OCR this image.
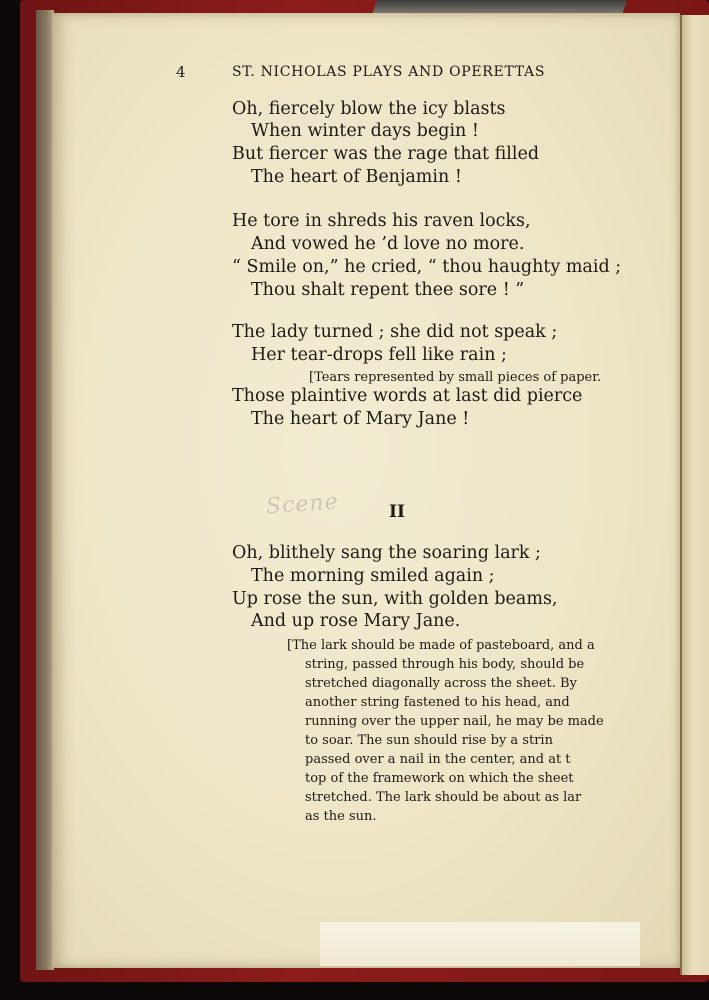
4	ST. NICHOLAS PLAYS AND OPERETTAS
Oh, fiercely blow the icy blasts
When winter days begin !
But fiercer was the rage that filled
The heart of Benjamin !
He tore in shreds his raven locks,
And vowed he ’d love no more.
“ Smile on,” he cried, “ thou haughty maid ;
Thou shalt repent thee sore ! ”
The lady turned ; she did not speak ;
Her tear-drops fell like rain ;
[Tears represented by small pieces of paper.
Those plaintive words at last did pierce
The heart of Mary Jane !
Scene	II
Oh, blithely sang the soaring lark ;
The morning smiled again ;
Up rose the sun, with golden beams,
And up rose Mary Jane.
[The lark should be made of pasteboard, and a
string, passed through his body, should be
stretched diagonally across the sheet. By
another string fastened to his head, and
running over the upper nail, he may be made
to soar. The sun should rise by a strin
passed over a nail in the center, and at t
top of the framework on which the sheet
stretched. The lark should be about as lar
as the sun.
